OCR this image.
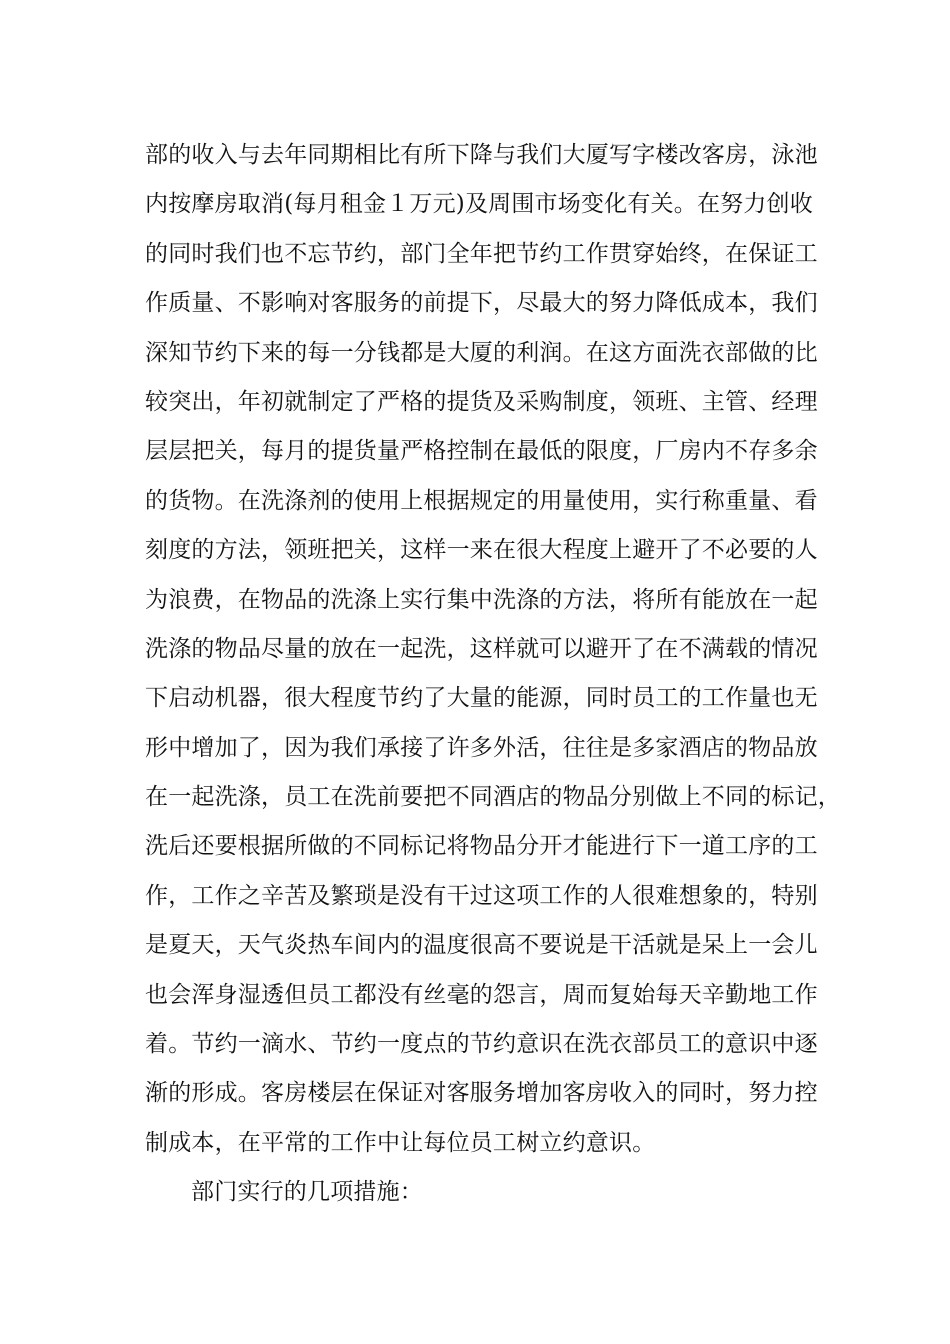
部的收入与去年同期相比有所下降与我们大厦写字楼改客房，泳池
内按摩房取消(每月租金１万元)及周围市场变化有关。在努力创收
的同时我们也不忘节约，部门全年把节约工作贯穿始终，在保证工
作质量、不影响对客服务的前提下，尽最大的努力降低成本，我们
深知节约下来的每一分钱都是大厦的利润。在这方面洗衣部做的比
较突出，年初就制定了严格的提货及采购制度，领班、主管、经理
层层把关，每月的提货量严格控制在最低的限度，厂房内不存多余
的货物。在洗涤剂的使用上根据规定的用量使用，实行称重量、看
刻度的方法，领班把关，这样一来在很大程度上避开了不必要的人
为浪费，在物品的洗涤上实行集中洗涤的方法，将所有能放在一起
洗涤的物品尽量的放在一起洗，这样就可以避开了在不满载的情况
下启动机器，很大程度节约了大量的能源，同时员工的工作量也无
形中增加了，因为我们承接了许多外活，往往是多家酒店的物品放
在一起洗涤，员工在洗前要把不同酒店的物品分别做上不同的标记，
洗后还要根据所做的不同标记将物品分开才能进行下一道工序的工
作，工作之辛苦及繁琐是没有干过这项工作的人很难想象的，特别
是夏天，天气炎热车间内的温度很高不要说是干活就是呆上一会儿
也会浑身湿透但员工都没有丝毫的怨言，周而复始每天辛勤地工作
着。节约一滴水、节约一度点的节约意识在洗衣部员工的意识中逐
渐的形成。客房楼层在保证对客服务增加客房收入的同时，努力控
制成本，在平常的工作中让每位员工树立约意识。
部门实行的几项措施：
